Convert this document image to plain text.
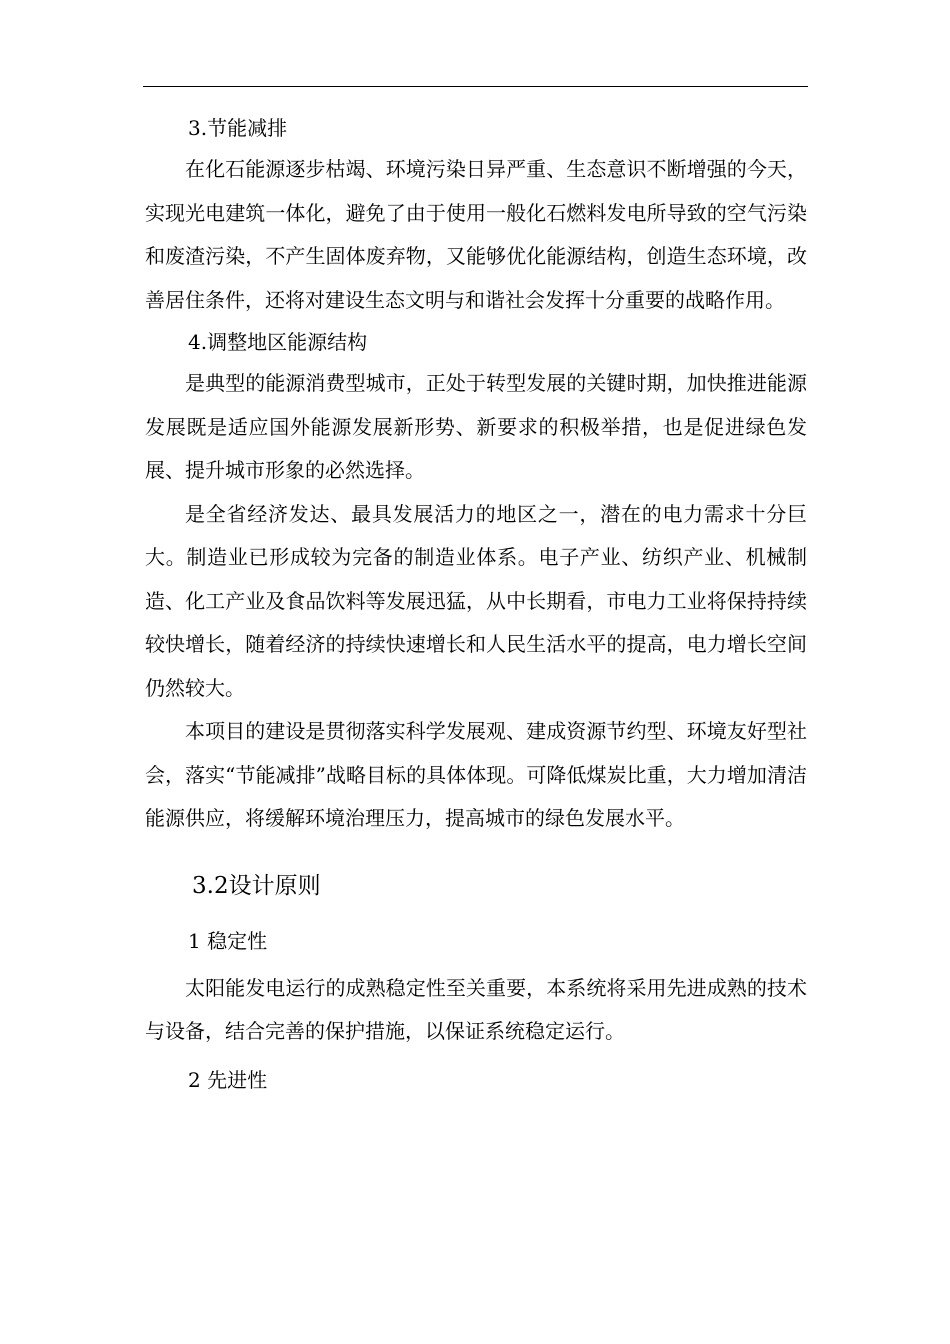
3.节能减排

在化石能源逐步枯竭、环境污染日异严重、生态意识不断增强的今天，实现光电建筑一体化，避免了由于使用一般化石燃料发电所导致的空气污染和废渣污染，不产生固体废弃物，又能够优化能源结构，创造生态环境，改善居住条件，还将对建设生态文明与和谐社会发挥十分重要的战略作用。

4.调整地区能源结构

是典型的能源消费型城市，正处于转型发展的关键时期，加快推进能源发展既是适应国外能源发展新形势、新要求的积极举措，也是促进绿色发展、提升城市形象的必然选择。

是全省经济发达、最具发展活力的地区之一，潜在的电力需求十分巨大。制造业已形成较为完备的制造业体系。电子产业、纺织产业、机械制造、化工产业及食品饮料等发展迅猛，从中长期看，市电力工业将保持持续较快增长，随着经济的持续快速增长和人民生活水平的提高，电力增长空间仍然较大。

本项目的建设是贯彻落实科学发展观、建成资源节约型、环境友好型社会，落实“节能减排”战略目标的具体体现。可降低煤炭比重，大力增加清洁能源供应，将缓解环境治理压力，提高城市的绿色发展水平。

3.2设计原则
1 稳定性

太阳能发电运行的成熟稳定性至关重要，本系统将采用先进成熟的技术与设备，结合完善的保护措施，以保证系统稳定运行。

2 先进性
